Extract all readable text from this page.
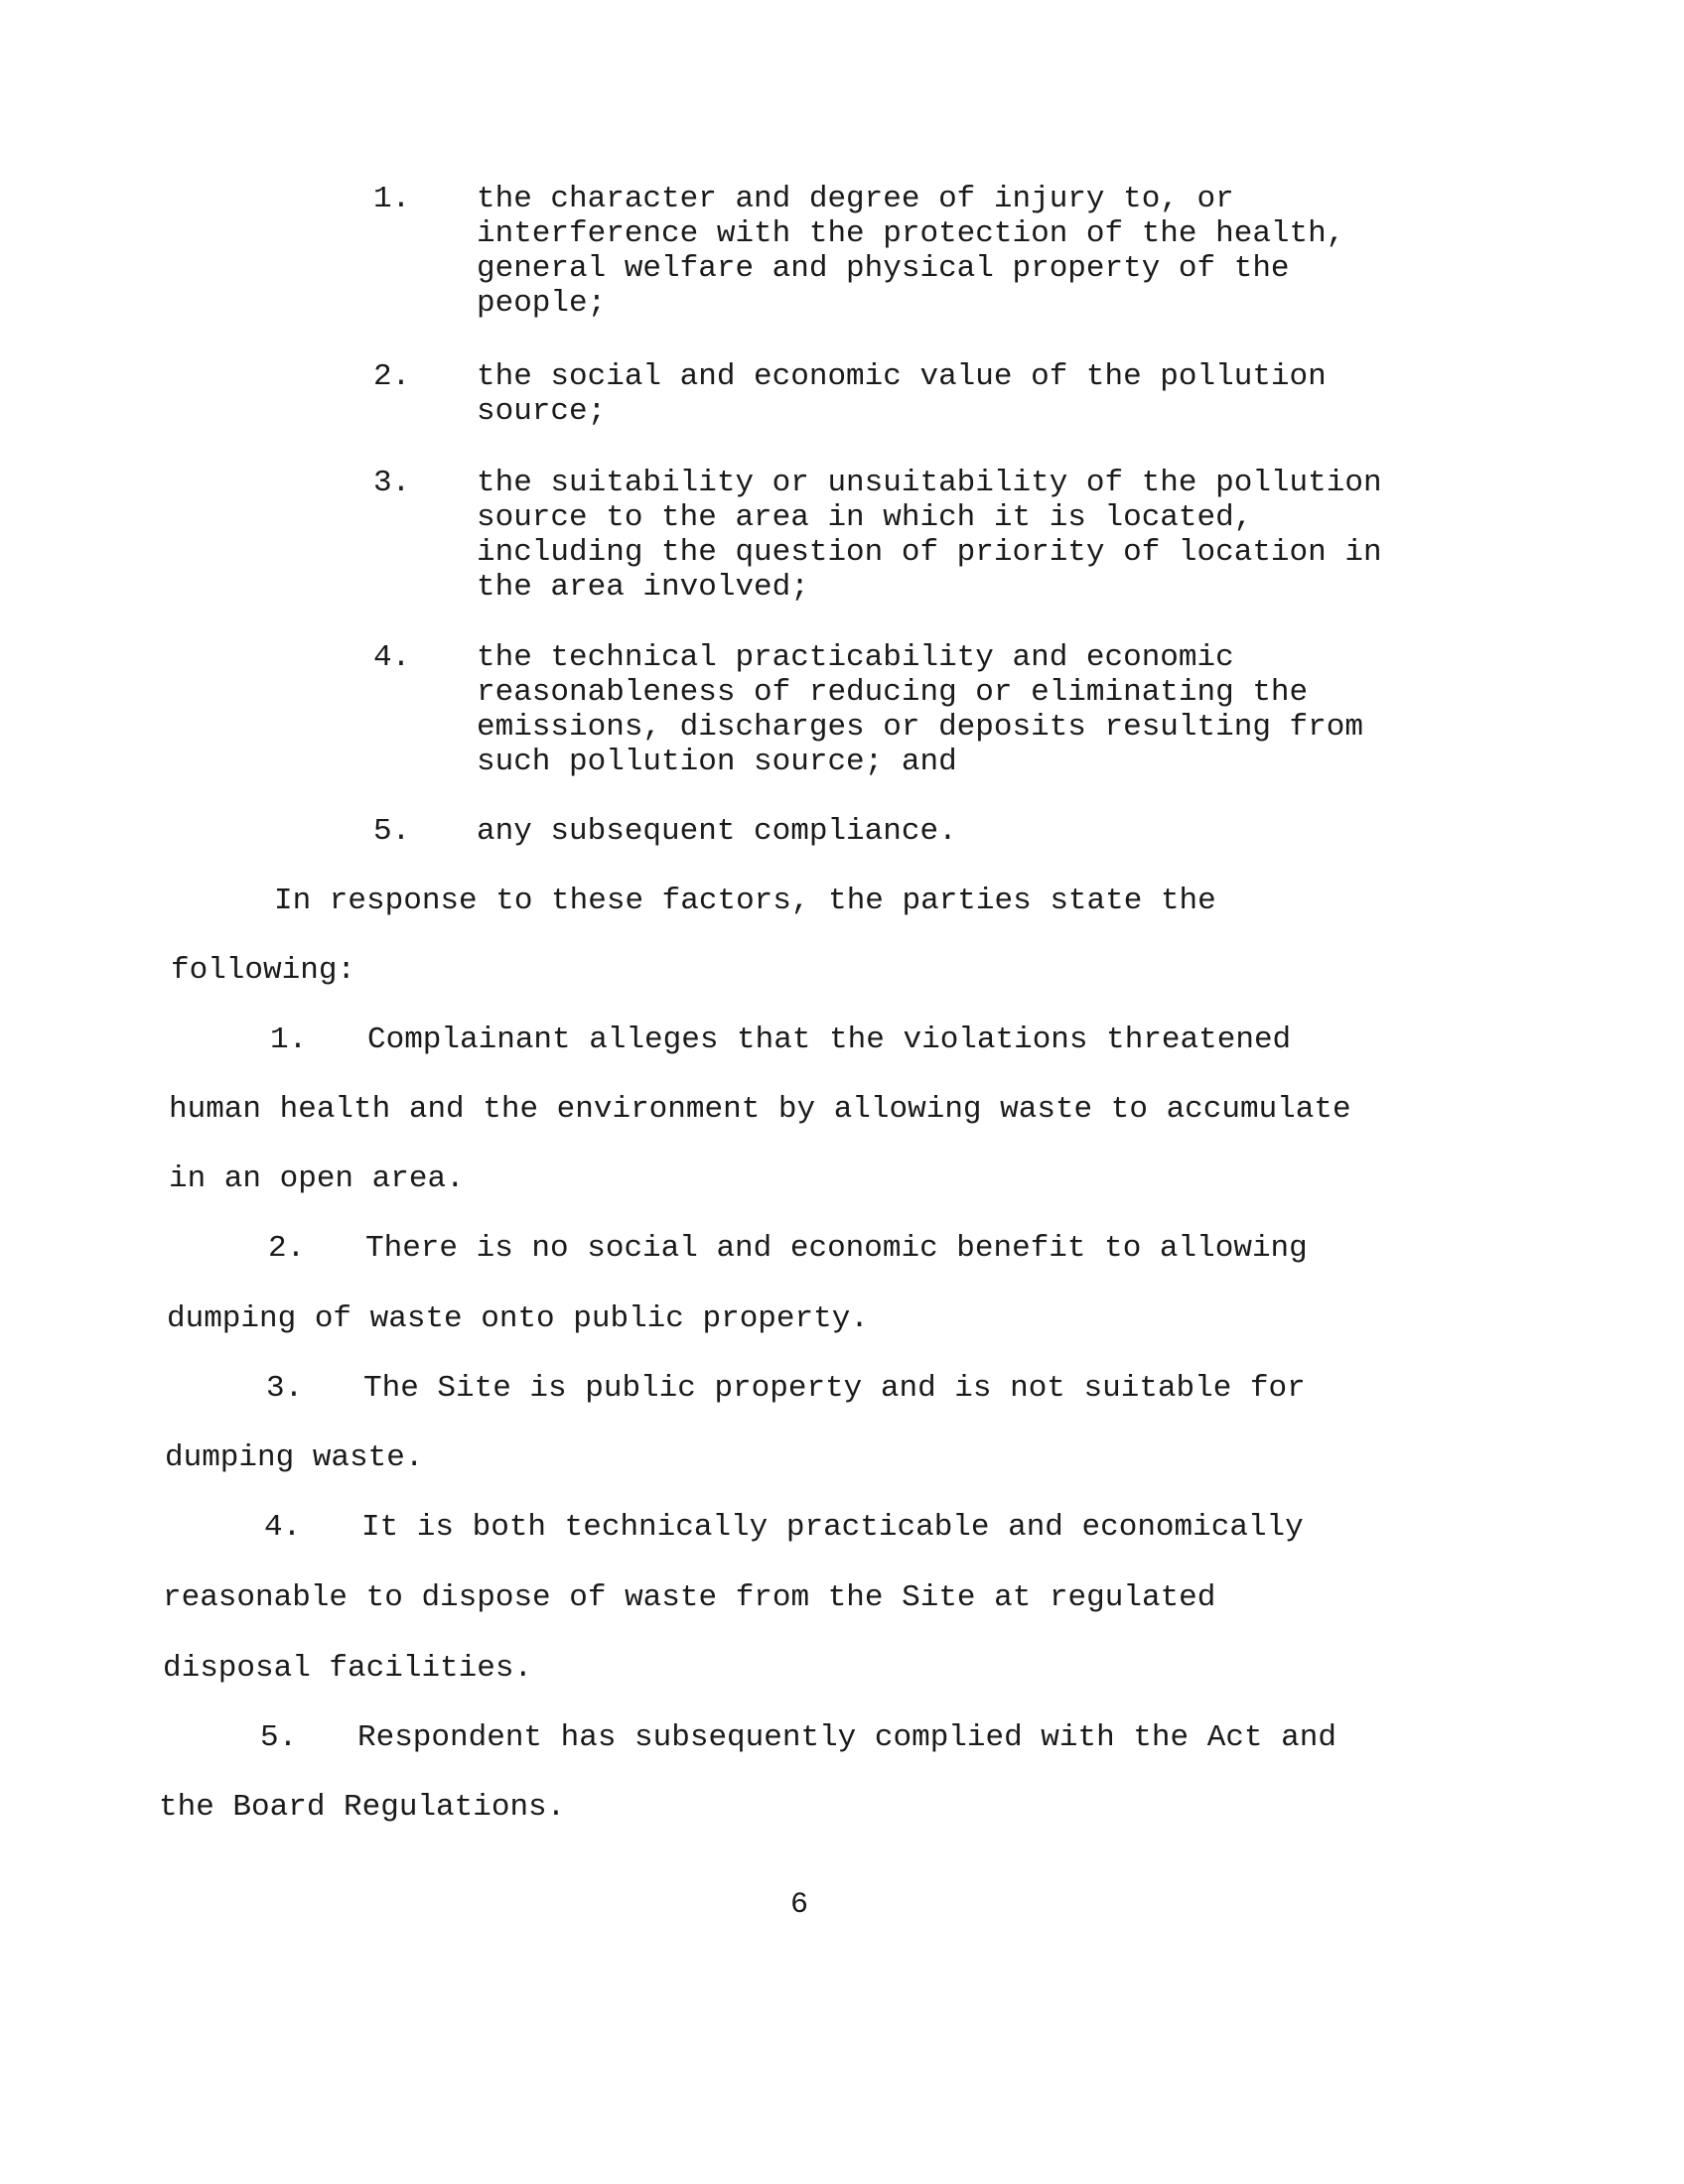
1. the character and degree of injury to, or
interference with the protection of the health,
general welfare and physical property of the
people;
2. the social and economic value of the pollution
source;
3. the suitability or unsuitability of the pollution
source to the area in which it is located,
including the question of priority of location in
the area involved;
4. the technical practicability and economic
reasonableness of reducing or eliminating the
emissions, discharges or deposits resulting from
such pollution source; and
5. any subsequent compliance.
In response to these factors, the parties state the
following:
1. Complainant alleges that the violations threatened
human health and the environment by allowing waste to accumulate
in an open area.
2. There is no social and economic benefit to allowing
dumping of waste onto public property.
3. The Site is public property and is not suitable for
dumping waste.
4. It is both technically practicable and economically
reasonable to dispose of waste from the Site at regulated
disposal facilities.
5. Respondent has subsequently complied with the Act and
the Board Regulations.
6
